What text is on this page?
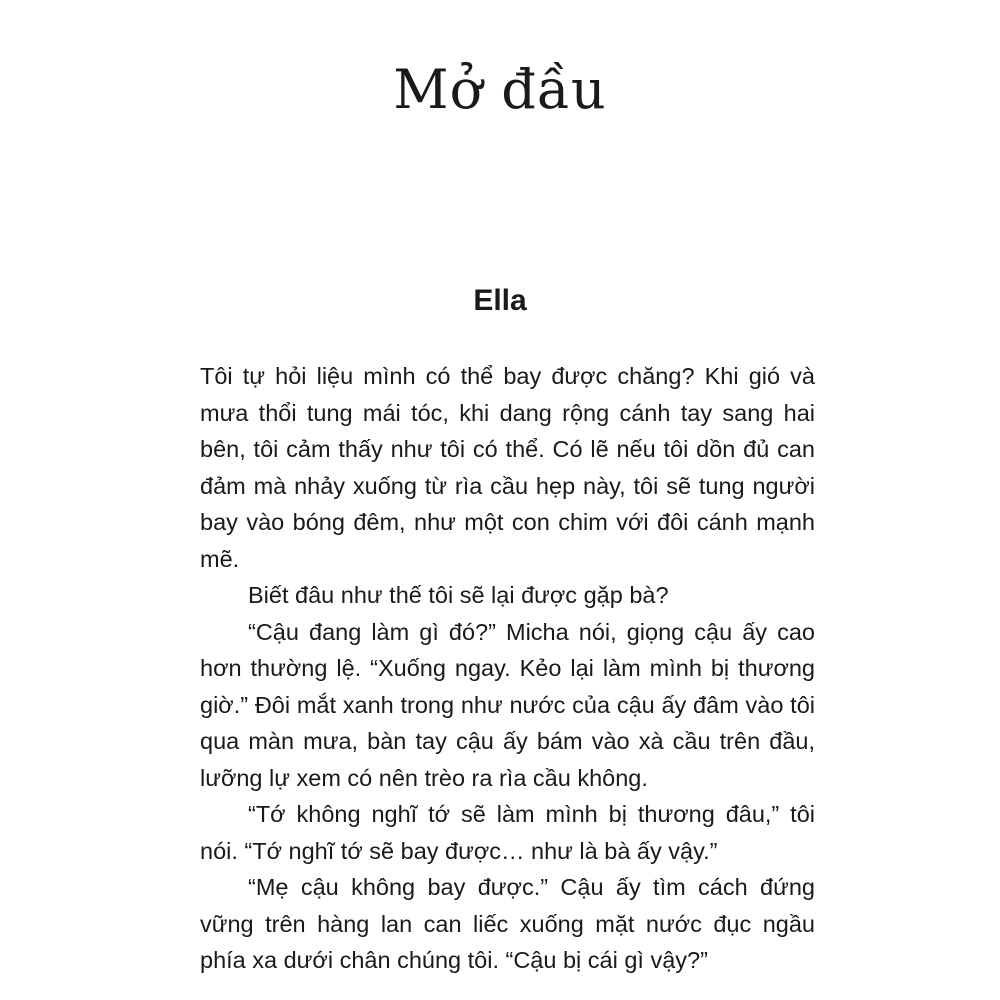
Mở đầu
Ella

Tôi tự hỏi liệu mình có thể bay được chăng? Khi gió và mưa thổi tung mái tóc, khi dang rộng cánh tay sang hai bên, tôi cảm thấy như tôi có thể. Có lẽ nếu tôi dồn đủ can đảm mà nhảy xuống từ rìa cầu hẹp này, tôi sẽ tung người bay vào bóng đêm, như một con chim với đôi cánh mạnh mẽ.

Biết đâu như thế tôi sẽ lại được gặp bà?

“Cậu đang làm gì đó?” Micha nói, giọng cậu ấy cao hơn thường lệ. “Xuống ngay. Kẻo lại làm mình bị thương giờ.” Đôi mắt xanh trong như nước của cậu ấy đâm vào tôi qua màn mưa, bàn tay cậu ấy bám vào xà cầu trên đầu, lưỡng lự xem có nên trèo ra rìa cầu không.

“Tớ không nghĩ tớ sẽ làm mình bị thương đâu,” tôi nói. “Tớ nghĩ tớ sẽ bay được… như là bà ấy vậy.”

“Mẹ cậu không bay được.” Cậu ấy tìm cách đứng vững trên hàng lan can liếc xuống mặt nước đục ngầu phía xa dưới chân chúng tôi. “Cậu bị cái gì vậy?”
